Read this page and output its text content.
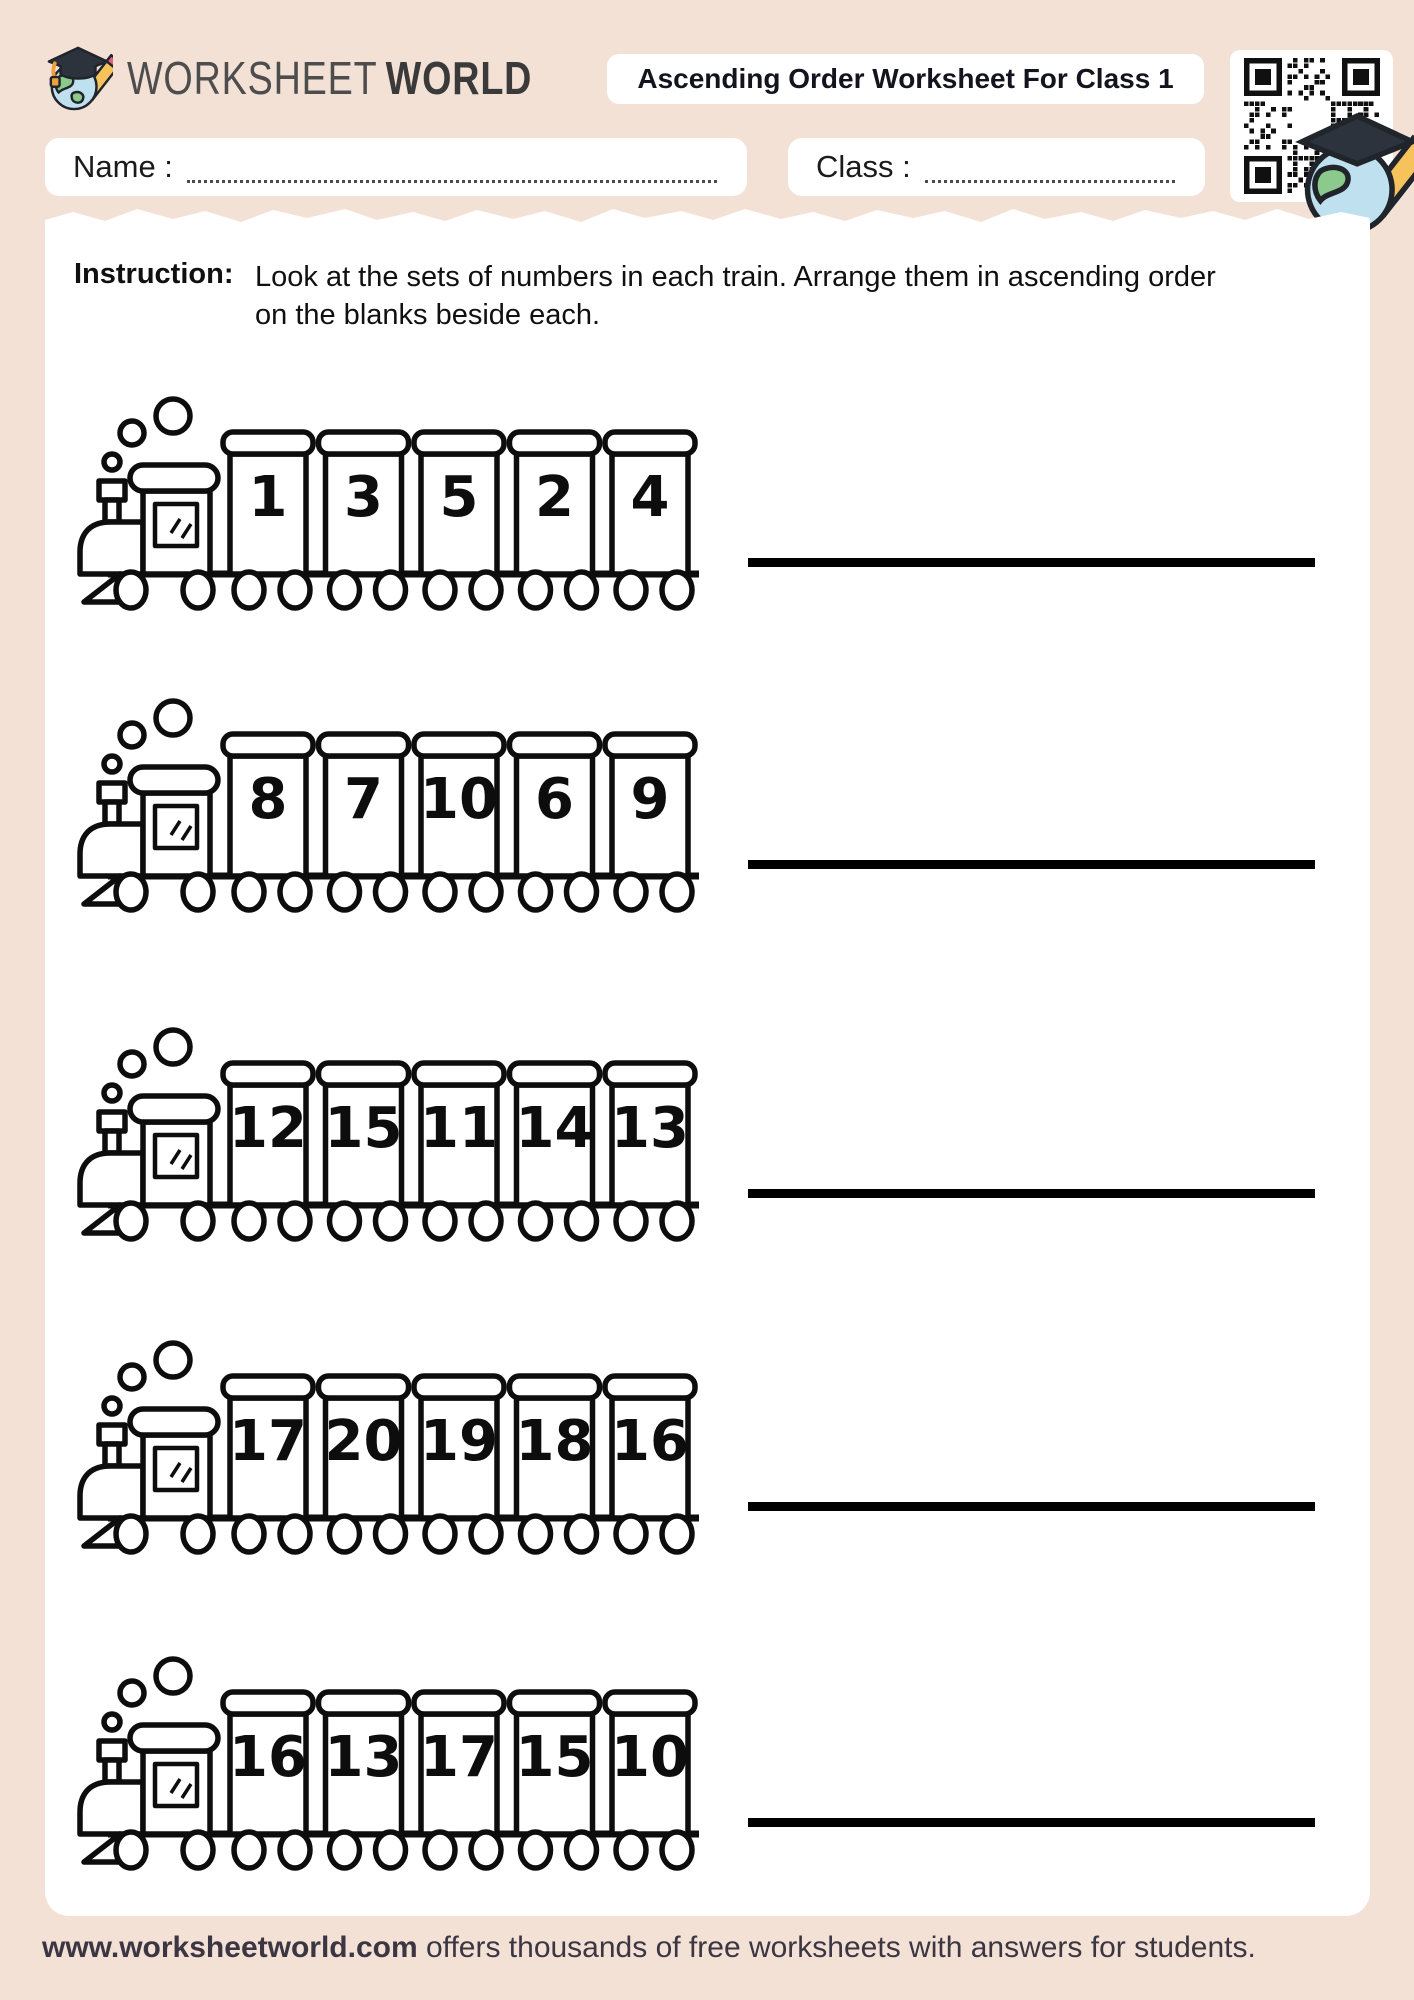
WORKSHEET WORLD	Ascending Order Worksheet For Class 1
Name :	Class :
Instruction: Look at the sets of numbers in each train. Arrange them in ascending order on the blanks beside each.
1 3 5 2 4
8 7 10 6 9
12 15 11 14 13
17 20 19 18 16
16 13 17 15 10
www.worksheetworld.com offers thousands of free worksheets with answers for students.
